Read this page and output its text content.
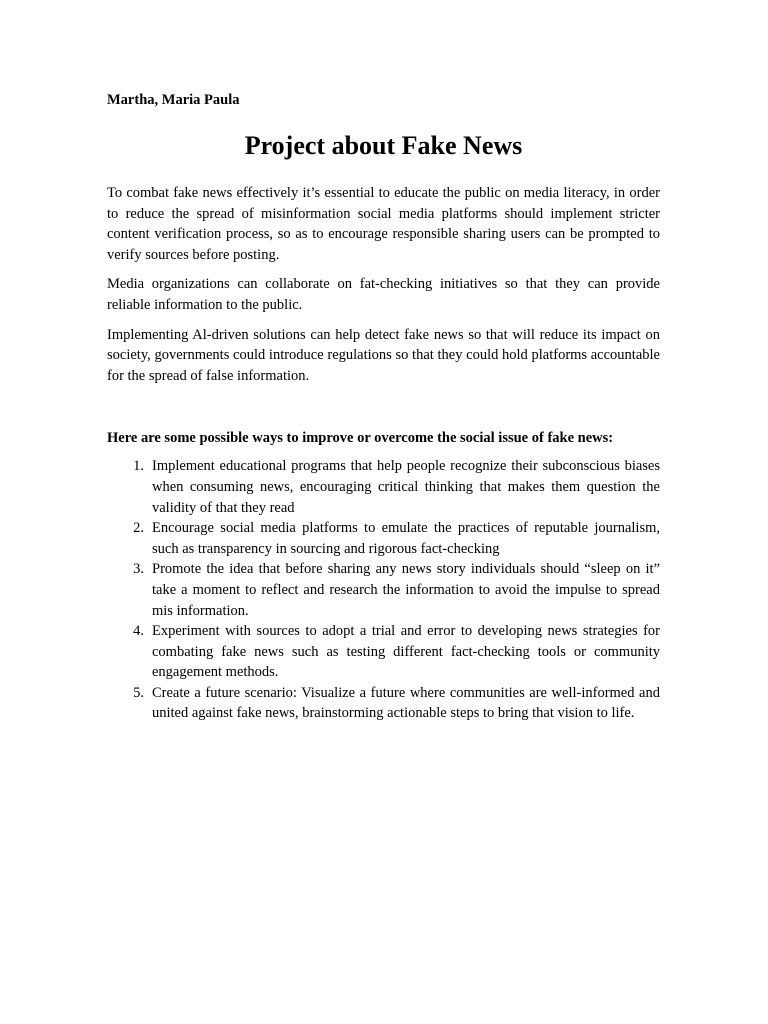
Martha, Maria Paula

Project about Fake News

To combat fake news effectively it’s essential to educate the public on media literacy, in order to reduce the spread of misinformation social media platforms should implement stricter content verification process, so as to encourage responsible sharing users can be prompted to verify sources before posting.

Media organizations can collaborate on fat-checking initiatives so that they can provide reliable information to the public.

Implementing Al-driven solutions can help detect fake news so that will reduce its impact on society, governments could introduce regulations so that they could hold platforms accountable for the spread of false information.

Here are some possible ways to improve or overcome the social issue of fake news:

1. Implement educational programs that help people recognize their subconscious biases when consuming news, encouraging critical thinking that makes them question the validity of that they read
2. Encourage social media platforms to emulate the practices of reputable journalism, such as transparency in sourcing and rigorous fact-checking
3. Promote the idea that before sharing any news story individuals should “sleep on it” take a moment to reflect and research the information to avoid the impulse to spread mis information.
4. Experiment with sources to adopt a trial and error to developing news strategies for combating fake news such as testing different fact-checking tools or community engagement methods.
5. Create a future scenario: Visualize a future where communities are well-informed and united against fake news, brainstorming actionable steps to bring that vision to life.
